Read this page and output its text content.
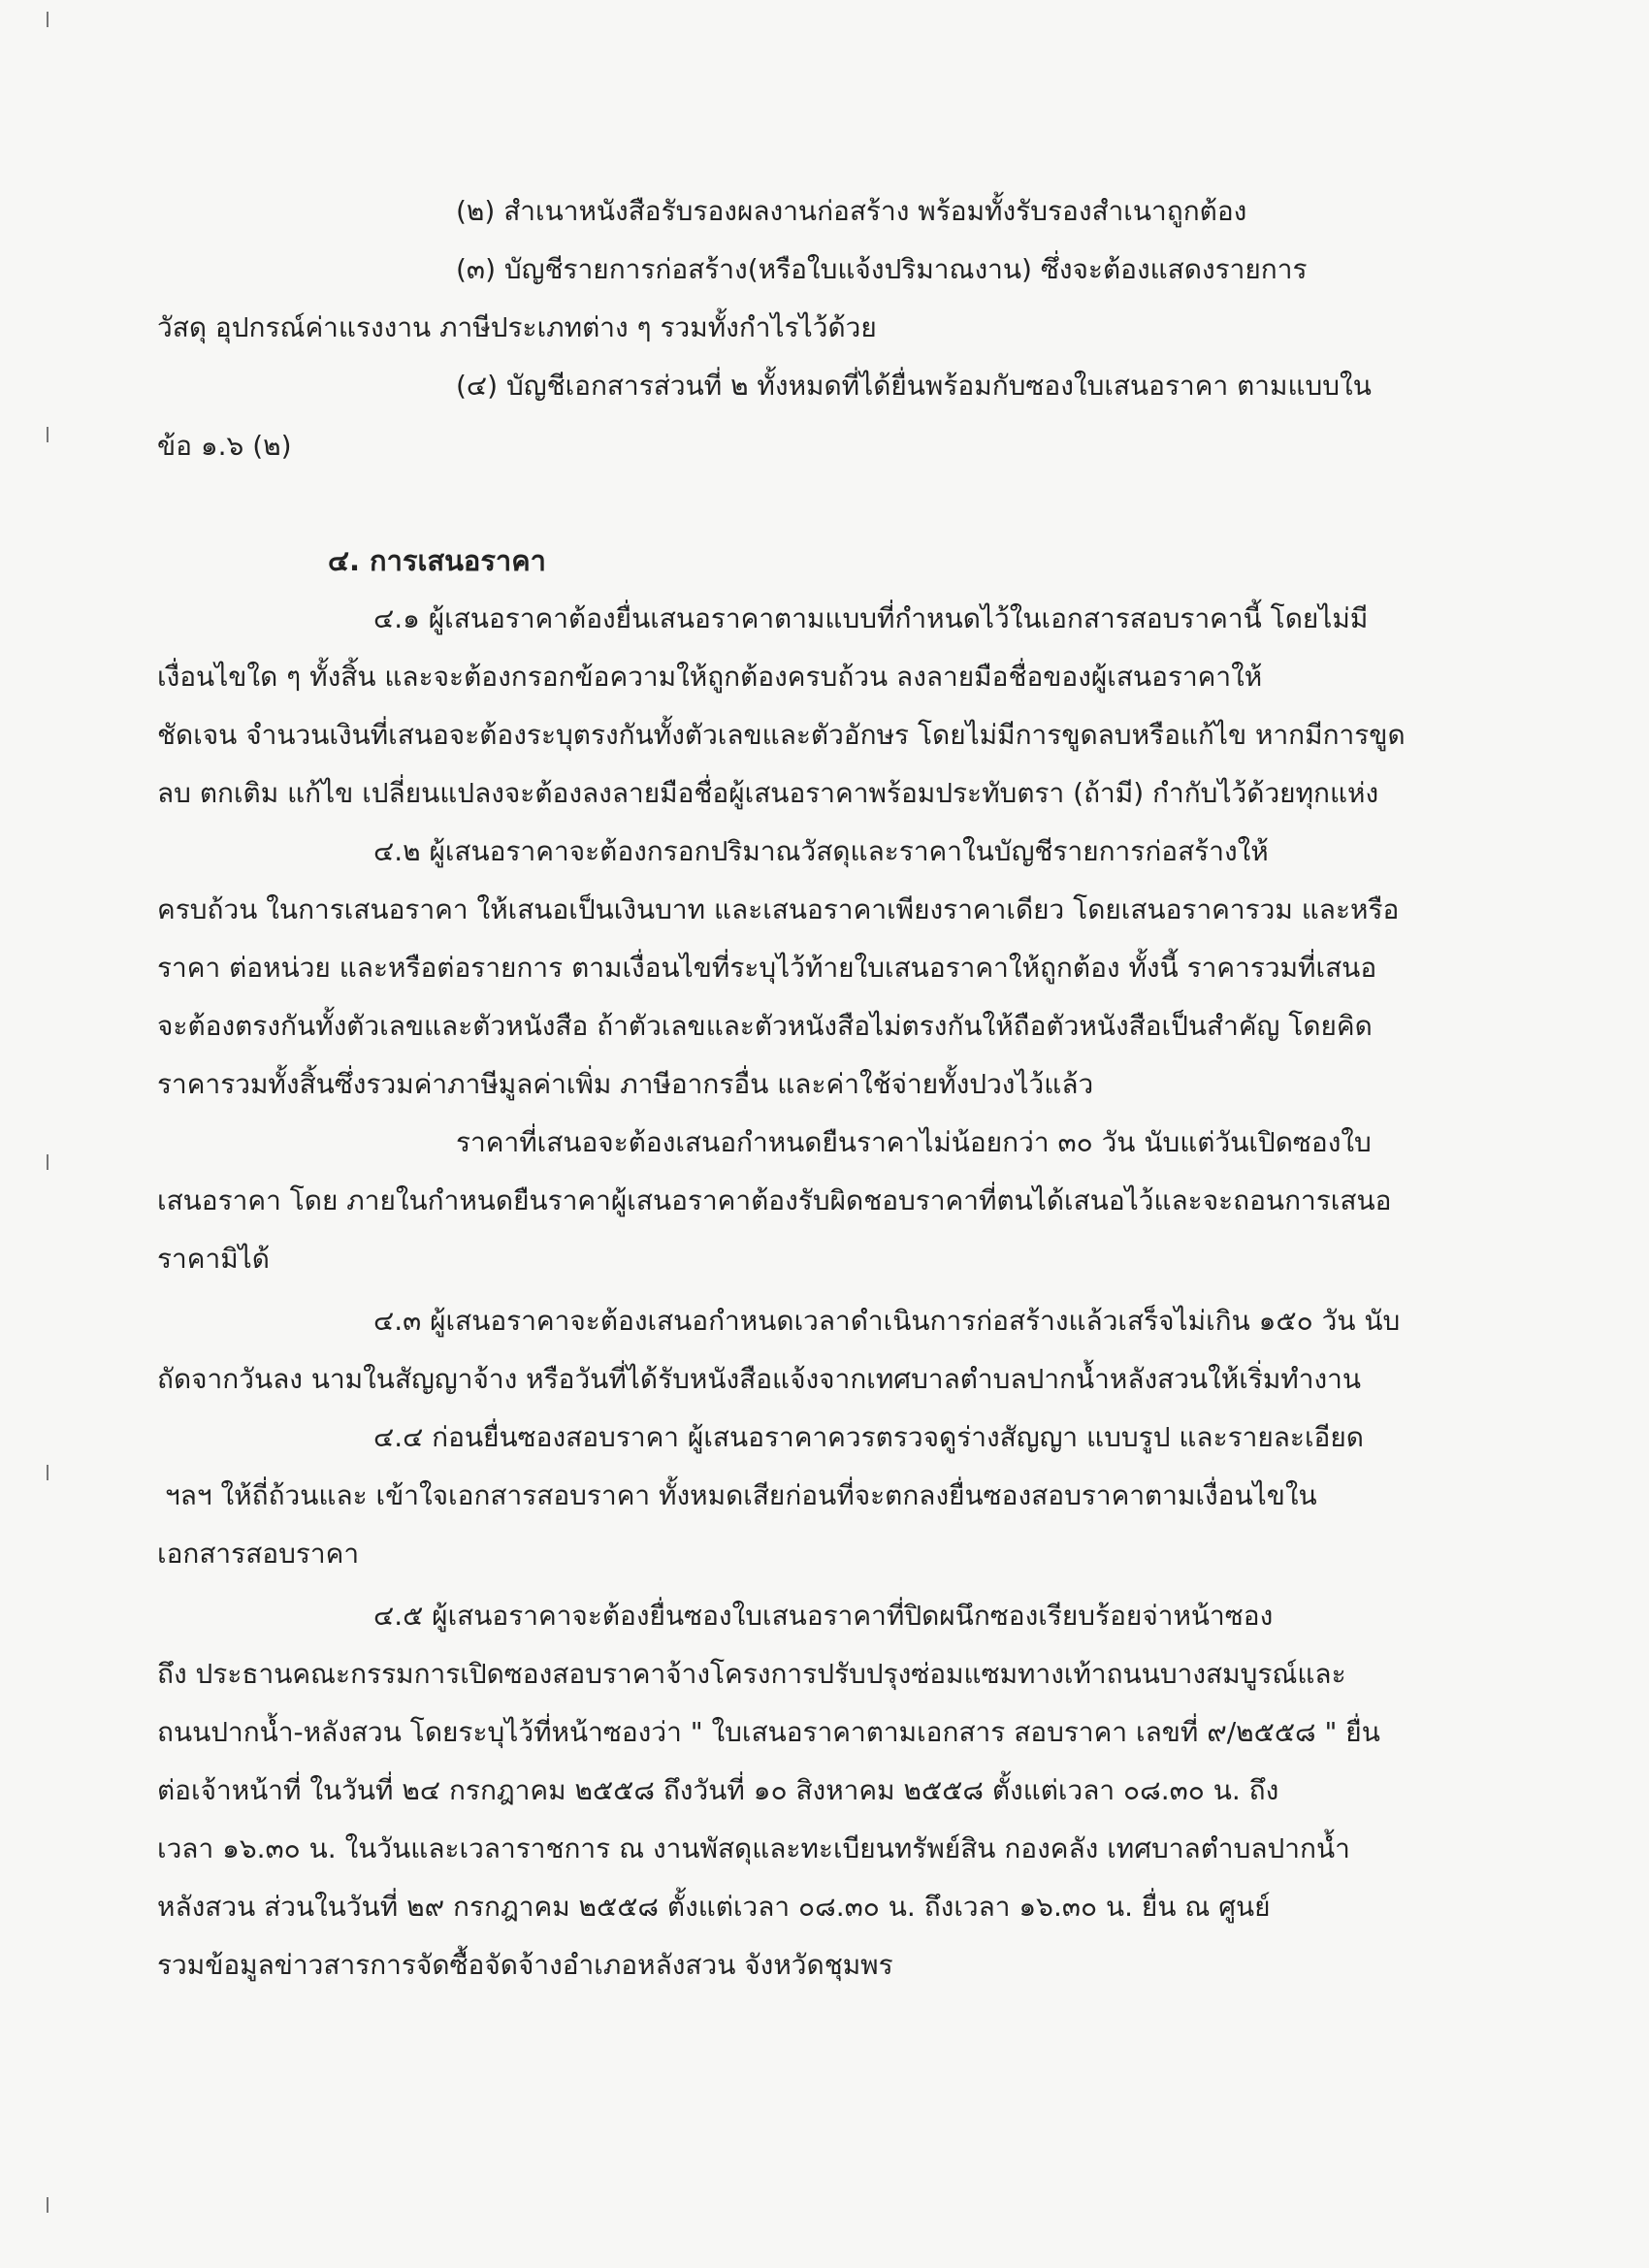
(๒) สำเนาหนังสือรับรองผลงานก่อสร้าง พร้อมทั้งรับรองสำเนาถูกต้อง
(๓) บัญชีรายการก่อสร้าง(หรือใบแจ้งปริมาณงาน) ซึ่งจะต้องแสดงรายการ
วัสดุ อุปกรณ์ค่าแรงงาน ภาษีประเภทต่าง ๆ รวมทั้งกำไรไว้ด้วย
(๔) บัญชีเอกสารส่วนที่ ๒ ทั้งหมดที่ได้ยื่นพร้อมกับซองใบเสนอราคา ตามแบบใน
ข้อ ๑.๖ (๒)
๔. การเสนอราคา
๔.๑ ผู้เสนอราคาต้องยื่นเสนอราคาตามแบบที่กำหนดไว้ในเอกสารสอบราคานี้ โดยไม่มี
เงื่อนไขใด ๆ ทั้งสิ้น และจะต้องกรอกข้อความให้ถูกต้องครบถ้วน ลงลายมือชื่อของผู้เสนอราคาให้
ชัดเจน จำนวนเงินที่เสนอจะต้องระบุตรงกันทั้งตัวเลขและตัวอักษร โดยไม่มีการขูดลบหรือแก้ไข หากมีการขูด
ลบ ตกเติม แก้ไข เปลี่ยนแปลงจะต้องลงลายมือชื่อผู้เสนอราคาพร้อมประทับตรา (ถ้ามี) กำกับไว้ด้วยทุกแห่ง
๔.๒ ผู้เสนอราคาจะต้องกรอกปริมาณวัสดุและราคาในบัญชีรายการก่อสร้างให้
ครบถ้วน ในการเสนอราคา ให้เสนอเป็นเงินบาท และเสนอราคาเพียงราคาเดียว โดยเสนอราคารวม และหรือ
ราคา ต่อหน่วย และหรือต่อรายการ ตามเงื่อนไขที่ระบุไว้ท้ายใบเสนอราคาให้ถูกต้อง ทั้งนี้ ราคารวมที่เสนอ
จะต้องตรงกันทั้งตัวเลขและตัวหนังสือ ถ้าตัวเลขและตัวหนังสือไม่ตรงกันให้ถือตัวหนังสือเป็นสำคัญ โดยคิด
ราคารวมทั้งสิ้นซึ่งรวมค่าภาษีมูลค่าเพิ่ม ภาษีอากรอื่น และค่าใช้จ่ายทั้งปวงไว้แล้ว
ราคาที่เสนอจะต้องเสนอกำหนดยืนราคาไม่น้อยกว่า ๓๐ วัน นับแต่วันเปิดซองใบ
เสนอราคา โดย ภายในกำหนดยืนราคาผู้เสนอราคาต้องรับผิดชอบราคาที่ตนได้เสนอไว้และจะถอนการเสนอ
ราคามิได้
๔.๓ ผู้เสนอราคาจะต้องเสนอกำหนดเวลาดำเนินการก่อสร้างแล้วเสร็จไม่เกิน ๑๕๐ วัน นับ
ถัดจากวันลง นามในสัญญาจ้าง หรือวันที่ได้รับหนังสือแจ้งจากเทศบาลตำบลปากน้ำหลังสวนให้เริ่มทำงาน
๔.๔ ก่อนยื่นซองสอบราคา ผู้เสนอราคาควรตรวจดูร่างสัญญา แบบรูป และรายละเอียด
ฯลฯ ให้ถี่ถ้วนและ เข้าใจเอกสารสอบราคา ทั้งหมดเสียก่อนที่จะตกลงยื่นซองสอบราคาตามเงื่อนไขใน
เอกสารสอบราคา
๔.๕ ผู้เสนอราคาจะต้องยื่นซองใบเสนอราคาที่ปิดผนึกซองเรียบร้อยจ่าหน้าซอง
ถึง ประธานคณะกรรมการเปิดซองสอบราคาจ้างโครงการปรับปรุงซ่อมแซมทางเท้าถนนบางสมบูรณ์และ
ถนนปากน้ำ-หลังสวน โดยระบุไว้ที่หน้าซองว่า " ใบเสนอราคาตามเอกสาร สอบราคา เลขที่ ๙/๒๕๕๘ " ยื่น
ต่อเจ้าหน้าที่ ในวันที่ ๒๔ กรกฎาคม ๒๕๕๘ ถึงวันที่ ๑๐ สิงหาคม ๒๕๕๘ ตั้งแต่เวลา ๐๘.๓๐ น. ถึง
เวลา ๑๖.๓๐ น. ในวันและเวลาราชการ ณ งานพัสดุและทะเบียนทรัพย์สิน กองคลัง เทศบาลตำบลปากน้ำ
หลังสวน ส่วนในวันที่ ๒๙ กรกฎาคม ๒๕๕๘ ตั้งแต่เวลา ๐๘.๓๐ น. ถึงเวลา ๑๖.๓๐ น. ยื่น ณ ศูนย์
รวมข้อมูลข่าวสารการจัดซื้อจัดจ้างอำเภอหลังสวน จังหวัดชุมพร
